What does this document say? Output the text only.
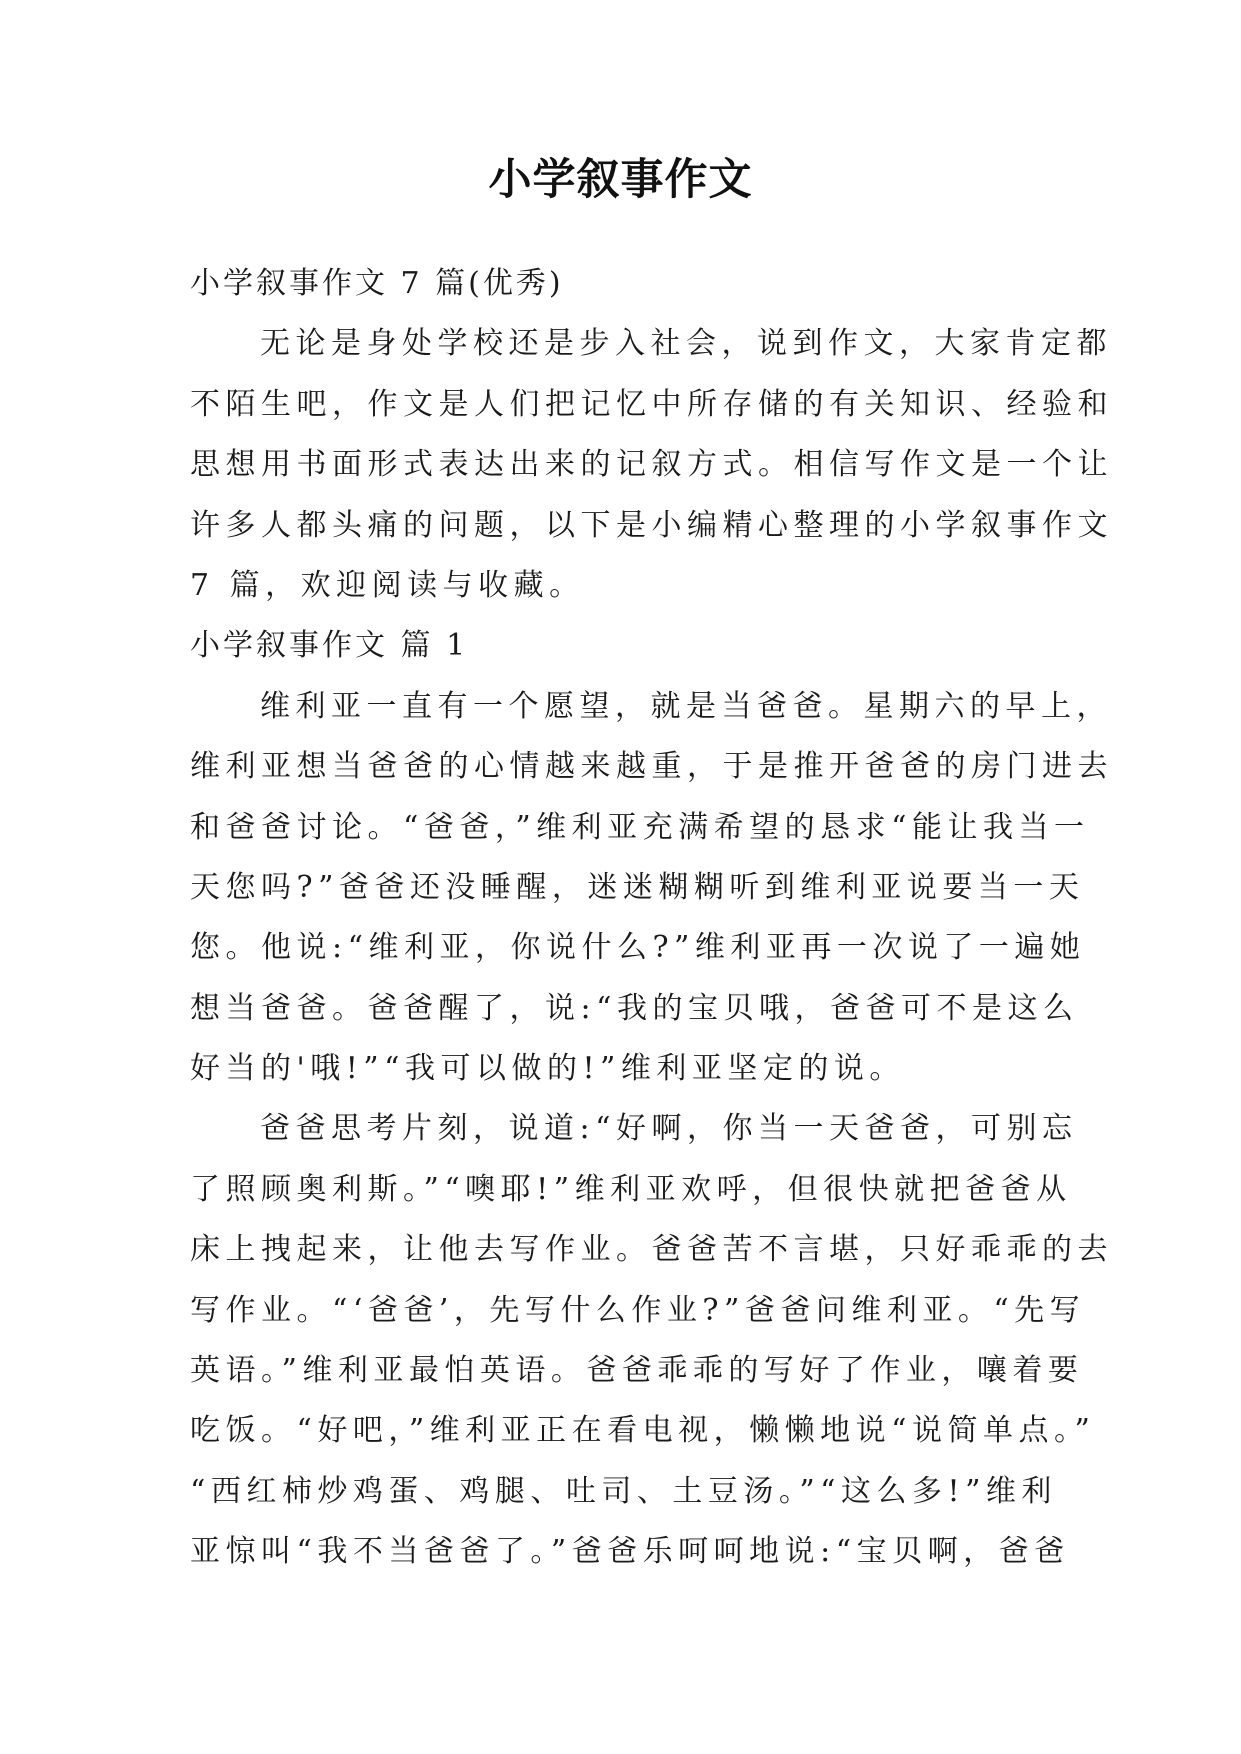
小学叙事作文
小学叙事作文 7 篇(优秀)
无论是身处学校还是步入社会，说到作文，大家肯定都
不陌生吧，作文是人们把记忆中所存储的有关知识、经验和
思想用书面形式表达出来的记叙方式。相信写作文是一个让
许多人都头痛的问题，以下是小编精心整理的小学叙事作文
7 篇，欢迎阅读与收藏。
小学叙事作文 篇 1
维利亚一直有一个愿望，就是当爸爸。星期六的早上，
维利亚想当爸爸的心情越来越重，于是推开爸爸的房门进去
和爸爸讨论。“爸爸，”维利亚充满希望的恳求“能让我当一
天您吗?”爸爸还没睡醒，迷迷糊糊听到维利亚说要当一天
您。他说:“维利亚，你说什么?”维利亚再一次说了一遍她
想当爸爸。爸爸醒了，说:“我的宝贝哦，爸爸可不是这么
好当的'哦!”“我可以做的!”维利亚坚定的说。
爸爸思考片刻，说道:“好啊，你当一天爸爸，可别忘
了照顾奥利斯。”“噢耶!”维利亚欢呼，但很快就把爸爸从
床上拽起来，让他去写作业。爸爸苦不言堪，只好乖乖的去
写作业。“‘爸爸’，先写什么作业?”爸爸问维利亚。“先写
英语。”维利亚最怕英语。爸爸乖乖的写好了作业，嚷着要
吃饭。“好吧，”维利亚正在看电视，懒懒地说“说简单点。”
“西红柿炒鸡蛋、鸡腿、吐司、土豆汤。”“这么多!”维利
亚惊叫“我不当爸爸了。”爸爸乐呵呵地说:“宝贝啊，爸爸
